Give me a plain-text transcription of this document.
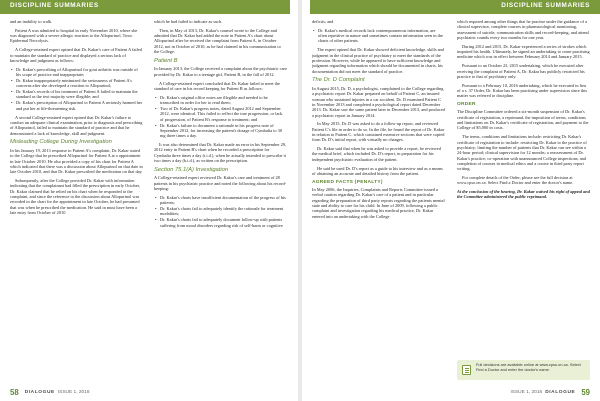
DISCIPLINE SUMMARIES	DISCIPLINE SUMMARIES

and an inability to walk.

Patient A was admitted to hospital in early November 2010, where she was diagnosed with a severe allergic reaction to the Allopurinol, Toxic Epidermal Necrolysis.

A College-retained expert opined that Dr. Kakar's care of Patient A failed to maintain the standard of practice and displayed a serious lack of knowledge and judgment as follows:

• Dr. Kakar's prescribing of Allopurinol for gout arthritis was outside of his scope of practice and inappropriate;
• Dr. Kakar inappropriately minimized the seriousness of Patient A's concerns after she developed a reaction to Allopurinol;
• Dr. Kakar's records of his treatment of Patient A failed to maintain the standard as the text majority were illegible; and
• Dr. Kakar's prescription of Allopurinol to Patient A seriously harmed her and put her at life-threatening risk.

A second College-retained expert opined that Dr. Kakar's failure to conduct an adequate clinical examination, prior to diagnosis and prescribing of Allopurinol, failed to maintain the standard of practice and that he demonstrated a lack of knowledge, skill and judgment.

Misleading College During Investigation

In his January 19, 2013 response to Patient A's complaint, Dr. Kakar stated to the College that he prescribed Allopurinol for Patient A at a appointment in late October 2010. He also provided a copy of his chart for Patient A which indicated that there was a discussion about Allopurinol on that date in late October 2010, and that Dr. Kakar prescribed the medication on that day.

Subsequently, after the College provided Dr. Kakar with information indicating that the complainant had filled the prescription in early October, Dr. Kakar claimed that he relied on his chart when he responded to the complaint, and since the reference to the discussion about Allopurinol was recorded in the chart for the appointment in late October, he had presumed that was when he prescribed the medication. He said in must have been a late entry from October of 2010

which he had failed to indicate as such.

Then, in May of 2013, Dr. Kakar's counsel wrote to the College and admitted that Dr. Kakar had added the note in Patient A's chart about Allopurinol after he received the complaint from Patient A, in October 2012, not in October of 2010, as he had claimed in his communication to the College.

Patient B

In January 2013, the College received a complaint about the psychiatric care provided by Dr. Kakar to a teenage girl, Patient B, in the fall of 2012.

A College-retained expert concluded that Dr. Kakar failed to meet the standard of care in his record keeping for Patient B as follows:

• Dr. Kakar's original office notes are illegible and needed to be transcribed in order for her to read them;
• Two of Dr. Kakar's progress notes, dated August 2012 and September 2012, were identical. This failed to reflect the true progression, or lack of progression, of Patient B's response to treatment; and
• Dr. Kakar's failure to document a rationale in his progress note of September 2012, for increasing the patient's dosage of Cymbalta to 30 mg three times a day.

It was also determined that Dr. Kakar made an error in his September 29, 2012 entry in Patient B's chart when he recorded a prescription for Cymbalta three times a day (t.i.d.), when he actually intended to prescribe it two times a day (b.i.d.), as written on the prescription.

Section 75.1(A) Investigation

A College-retained expert reviewed Dr. Kakar's care and treatment of 28 patients in his psychiatric practice and noted the following about his record-keeping:

• Dr. Kakar's charts have insufficient documentation of the progress of his patients;
• Dr. Kakar's charts fail to adequately identify the rationale for treatment modalities;
• Dr. Kakar's charts fail to adequately document follow-up with patients suffering from mood disorders regarding risk of self-harm or cognitive

deficits; and

• Dr. Kakar's medical records lack contemporaneous information, are often repetitive in nature and sometimes contain information seen in the charts of other patients.

The expert opined that Dr. Kakar showed deficient knowledge, skills and judgment in the clinical practice of psychiatry to meet the standards of the profession. However, while he appeared to have sufficient knowledge and judgment regarding information which should be documented in charts, his documentation did not meet the standard of practice.

The Dr. D Complaint

In August 2015, Dr. D, a psychologist, complained to the College regarding a psychiatric report Dr. Kakar prepared on behalf of Patient C, an insured woman who sustained injuries in a car accident. Dr. D examined Patient C in November 2013 and completed a psychological report dated December 2013. Dr. Kakar saw the same patient later in December 2013, and produced a psychiatric report in January 2014.

In May 2015, Dr. D was asked to do a follow-up report, and reviewed Patient C's file in order to do so. In the file, he found the report of Dr. Kakar in relation to Patient C, which contained extensive sections that were copied from Dr. D's initial report, with virtually no changes.

Dr. Kakar said that when he was asked to provide a report, he reviewed the medical brief, which included Dr. D's report, in preparation for his independent psychiatric evaluation of the patient.

He said he used Dr. D's report as a guide to his interview and as a means of obtaining an accurate and detailed history from the patient.

AGREED FACTS (PENALTY)

In May 2006, the Inquiries, Complaints and Reports Committee issued a verbal caution regarding Dr. Kakar's care of a patient and in particular regarding the preparation of third party reports regarding the patients mental state and ability to care for his child. In June of 2009, following a public complaint and investigation regarding his medical practice, Dr. Kakar entered into an undertaking with the College

which required among other things that he practise under the guidance of a clinical supervisor, complete courses in pharmacological monitoring, assessment of suicide, communication skills and record-keeping, and attend psychiatric rounds every two months for one year.

During 2012 and 2015, Dr. Kakar experienced a series of strokes which impaired his health. Ultimately, he signed an undertaking to cease practising medicine which was in effect between February 2014 and January 2015.

Pursuant to an October 23, 2015 undertaking, which he executed after receiving the complaint of Patient A, Dr. Kakar has publicly restricted his practice to that of psychiatry only.

Pursuant to a February 10, 2016 undertaking, which he executed in lieu of a s. 37 Order, Dr. Kakar has been practising under supervision since this matter was referred to discipline.

ORDER

The Discipline Committee ordered a six-month suspension of Dr. Kakar's certificate of registration, a reprimand, the imposition of terms, conditions and limitations on Dr. Kakar's certificate of registration, and payment to the College of $5,000 in costs.

The terms, conditions and limitations include: restricting Dr. Kakar's certificate of registration to include: restricting Dr. Kakar to the practice of psychiatry; limiting the number of patients that Dr. Kakar can see within a 24-hour period; clinical supervision for 12 months; a reassessment of Dr. Kakar's practice; co-operation with unannounced College inspections; and completion of courses in medical ethics and a course in third party report writing.

For complete details of the Order, please see the full decision at www.cpso.on.ca. Select Find a Doctor and enter the doctor's name.

At the conclusion of the hearing, Dr. Kakar waived his right of appeal and the Committee administered the public reprimand.

Full decisions are available online at www.cpso.on.ca. Select Find a Doctor and enter the doctor's name.
58 DIALOGUE ISSUE 1, 2016	ISSUE 1, 2016 DIALOGUE 59
